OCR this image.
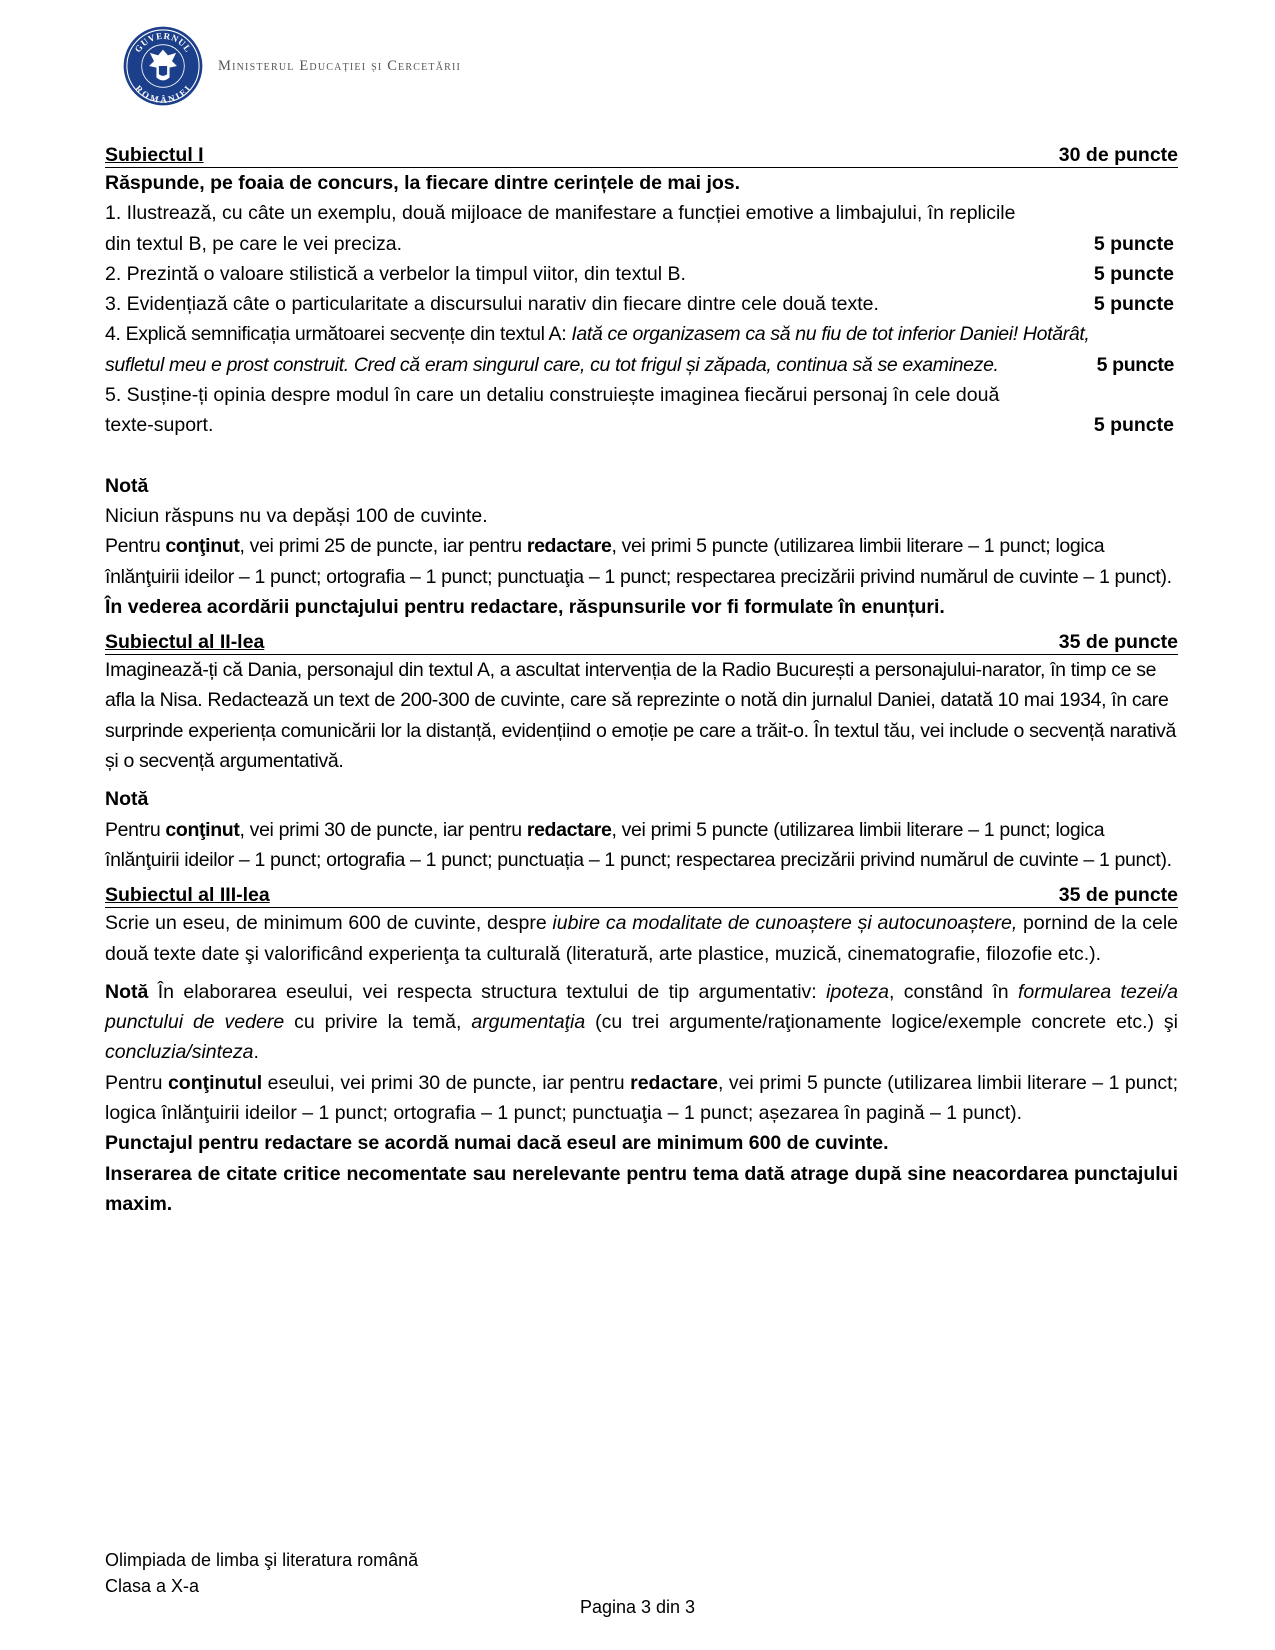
GUVERNUL
ROMÂNIEI
Ministerul Educației și Cercetării
Subiectul I	30 de puncte

Răspunde, pe foaia de concurs, la fiecare dintre cerințele de mai jos.

1. Ilustrează, cu câte un exemplu, două mijloace de manifestare a funcției emotive a limbajului, în replicile

din textul B, pe care le vei preciza.	5 puncte
2. Prezintă o valoare stilistică a verbelor la timpul viitor, din textul B.	5 puncte
3. Evidențiază câte o particularitate a discursului narativ din fiecare dintre cele două texte.	5 puncte

4. Explică semnificația următoarei secvențe din textul A: Iată ce organizasem ca să nu fiu de tot inferior Daniei! Hotărât,

sufletul meu e prost construit. Cred că eram singurul care, cu tot frigul și zăpada, continua să se examineze.	5 puncte

5. Susține-ți opinia despre modul în care un detaliu construiește imaginea fiecărui personaj în cele două

texte-suport.	5 puncte

Notă

Niciun răspuns nu va depăși 100 de cuvinte.

Pentru conţinut, vei primi 25 de puncte, iar pentru redactare, vei primi 5 puncte (utilizarea limbii literare – 1 punct; logica înlănţuirii ideilor – 1 punct; ortografia – 1 punct; punctuaţia – 1 punct; respectarea precizării privind numărul de cuvinte – 1 punct).

În vederea acordării punctajului pentru redactare, răspunsurile vor fi formulate în enunțuri.

Subiectul al II-lea	35 de puncte

Imaginează-ți că Dania, personajul din textul A, a ascultat intervenția de la Radio București a personajului-narator, în timp ce se afla la Nisa. Redactează un text de 200-300 de cuvinte, care să reprezinte o notă din jurnalul Daniei, datată 10 mai 1934, în care surprinde experiența comunicării lor la distanță, evidențiind o emoție pe care a trăit-o. În textul tău, vei include o secvență narativă și o secvență argumentativă.

Notă

Pentru conţinut, vei primi 30 de puncte, iar pentru redactare, vei primi 5 puncte (utilizarea limbii literare – 1 punct; logica înlănţuirii ideilor – 1 punct; ortografia – 1 punct; punctuația – 1 punct; respectarea precizării privind numărul de cuvinte – 1 punct).

Subiectul al III-lea	35 de puncte

Scrie un eseu, de minimum 600 de cuvinte, despre iubire ca modalitate de cunoaștere și autocunoaștere, pornind de la cele două texte date şi valorificând experienţa ta culturală (literatură, arte plastice, muzică, cinematografie, filozofie etc.).

Notă În elaborarea eseului, vei respecta structura textului de tip argumentativ: ipoteza, constând în formularea tezei/a punctului de vedere cu privire la temă, argumentaţia (cu trei argumente/raţionamente logice/exemple concrete etc.) şi concluzia/sinteza.

Pentru conţinutul eseului, vei primi 30 de puncte, iar pentru redactare, vei primi 5 puncte (utilizarea limbii literare – 1 punct; logica înlănţuirii ideilor – 1 punct; ortografia – 1 punct; punctuaţia – 1 punct; așezarea în pagină – 1 punct).

Punctajul pentru redactare se acordă numai dacă eseul are minimum 600 de cuvinte.

Inserarea de citate critice necomentate sau nerelevante pentru tema dată atrage după sine neacordarea punctajului maxim.

Olimpiada de limba şi literatura română
Clasa a X-a
Pagina 3 din 3
